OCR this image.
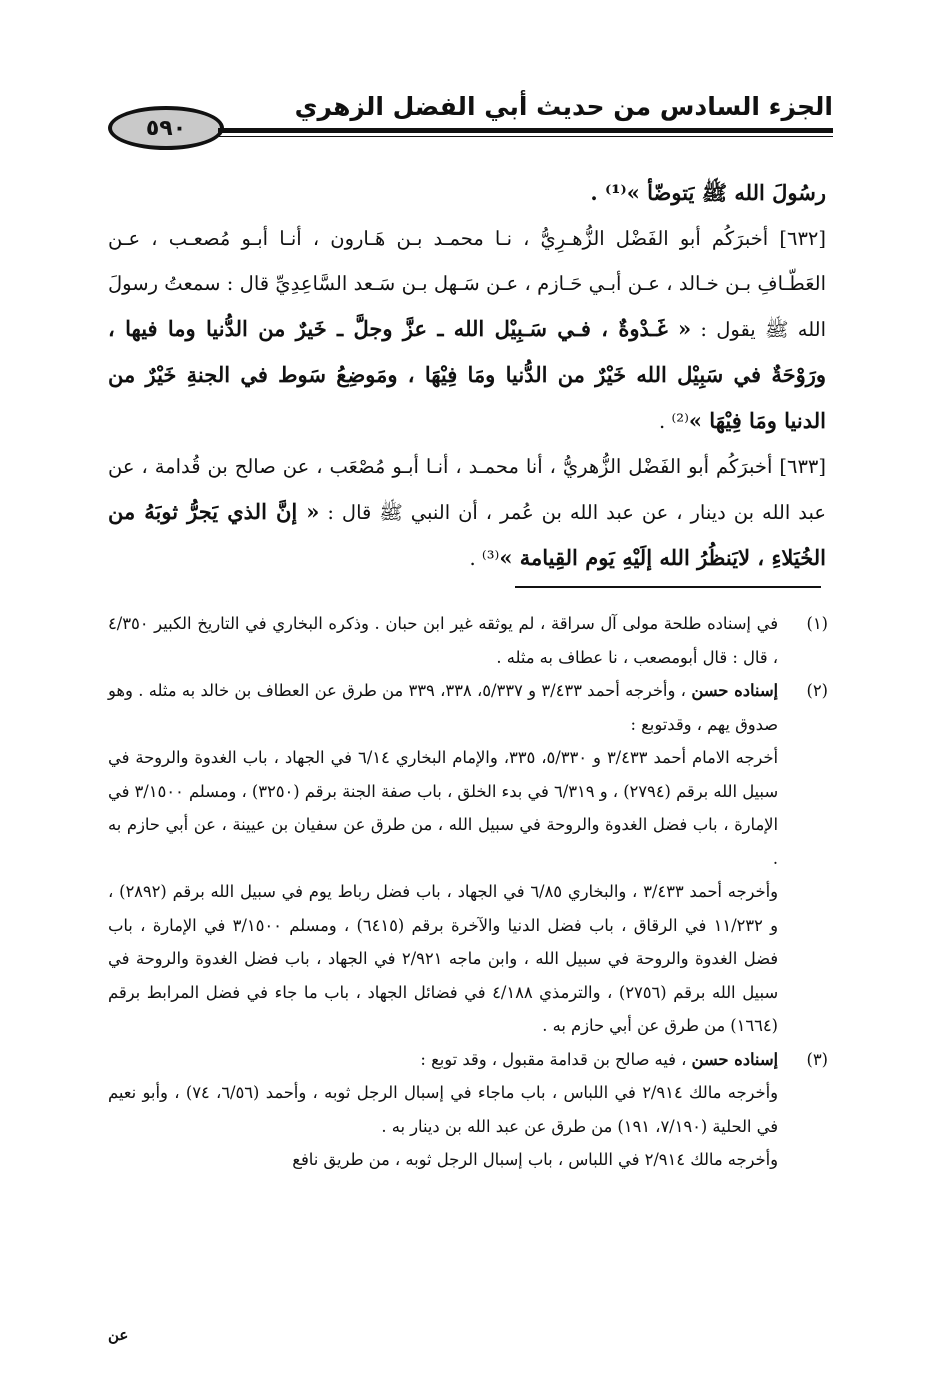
٥٩٠
الجزء السادس من حديث أبي الفضل الزهري

رسُولَ الله ﷺ يَتوضّأ »⁽¹⁾ .

[٦٣٢] أخبرَكُم أبو الفَضْل الزُّهـرِيُّ ، نـا محمـد بـن هَـارون ، أنـا أبـو مُصعـب ، عـن العَطّـافِ بـن خـالد ، عـن أبـي حَـازم ، عـن سَـهل بـن سَـعد السَّاعِدِيِّ قال : سمعتُ رسولَ الله ﷺ يقول : « غَـدْوةٌ ، فـي سَـبِيْل الله ـ عزَّ وجلَّ ـ خَيرٌ من الدُّنيا وما فيها ، ورَوْحَةٌ في سَبِيْل الله خَيْرٌ من الدُّنيا ومَا فِيْهَا ، ومَوضِعُ سَوط في الجنةِ خَيْرٌ من الدنيا ومَا فِيْهَا »⁽²⁾ .

[٦٣٣] أخبرَكُم أبو الفَضْل الزُّهريُّ ، أنا محمـد ، أنـا أبـو مُصْعَب ، عن صالح بن قُدامة ، عن عبد الله بن دينار ، عن عبد الله بن عُمر ، أن النبي ﷺ قال : « إنَّ الذي يَجرُّ ثوبَهُ من الخُيَلاءِ ، لايَنظُرُ الله إلَيْهِ يَوم القِيامة »⁽³⁾ .

(١)

في إسناده طلحة مولى آل سراقة ، لم يوثقه غير ابن حبان . وذكره البخاري في التاريخ الكبير ٤/٣٥٠ ، قال : قال أبومصعب ، نا عطاف به مثله .

(٢)

إسناده حسن ، وأخرجه أحمد ٣/٤٣٣ و ٥/٣٣٧، ٣٣٨، ٣٣٩ من طرق عن العطاف بن خالد به مثله . وهو صدوق يهم ، وقدتوبع :

أخرجه الامام أحمد ٣/٤٣٣ و ٥/٣٣٠، ٣٣٥، والإمام البخاري ٦/١٤ في الجهاد ، باب الغدوة والروحة في سبيل الله برقم (٢٧٩٤) ، و ٦/٣١٩ في بدء الخلق ، باب صفة الجنة برقم (٣٢٥٠) ، ومسلم ٣/١٥٠٠ في الإمارة ، باب فضل الغدوة والروحة في سبيل الله ، من طرق عن سفيان بن عيينة ، عن أبي حازم به .

وأخرجه أحمد ٣/٤٣٣ ، والبخاري ٦/٨٥ في الجهاد ، باب فضل رباط يوم في سبيل الله برقم (٢٨٩٢) ، و ١١/٢٣٢ في الرقاق ، باب فضل الدنيا والآخرة برقم (٦٤١٥) ، ومسلم ٣/١٥٠٠ في الإمارة ، باب فضل الغدوة والروحة في سبيل الله ، وابن ماجه ٢/٩٢١ في الجهاد ، باب فضل الغدوة والروحة في سبيل الله برقم (٢٧٥٦) ، والترمذي ٤/١٨٨ في فضائل الجهاد ، باب ما جاء في فضل المرابط برقم (١٦٦٤) من طرق عن أبي حازم به .

(٣)

إسناده حسن ، فيه صالح بن قدامة مقبول ، وقد توبع :

وأخرجه مالك ٢/٩١٤ في اللباس ، باب ماجاء في إسبال الرجل ثوبه ، وأحمد (٦/٥٦، ٧٤) ، وأبو نعيم في الحلية (٧/١٩٠، ١٩١) من طرق عن عبد الله بن دينار به .

وأخرجه مالك ٢/٩١٤ في اللباس ، باب إسبال الرجل ثوبه ، من طريق نافع

عن
